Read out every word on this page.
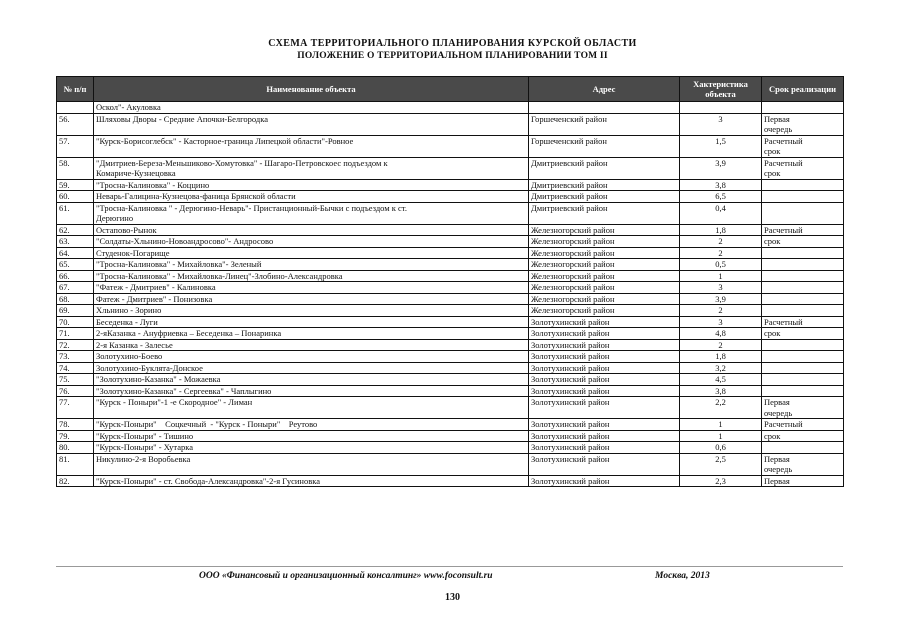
СХЕМА ТЕРРИТОРИАЛЬНОГО ПЛАНИРОВАНИЯ КУРСКОЙ ОБЛАСТИ
ПОЛОЖЕНИЕ О ТЕРРИТОРИАЛЬНОМ ПЛАНИРОВАНИИ ТОМ II
№ п/п	Наименование объекта	Адрес	Хактеристика объекта	Срок реализации
	Оскол"- Акуловка			
56.	Шляховы Дворы - Средние Апочки-Белгородка	Горшеченский район	3	Первая
очередь
57.	"Курск-Борисоглебск" - Касторное-граница Липецкой области"-Ровное	Горшеченский район	1,5	Расчетный
срок
58.	"Дмитриев-Береза-Меньшиково-Хомутовка" - Шагаро-Петровскоес подъездом к
Комариче-Кузнецовка	Дмитриевский район	3,9	Расчетный
срок
59.	"Тросна-Калиновка" - Коццино	Дмитриевский район	3,8	
60.	Неварь-Галицина-Кузнецова-фаница Брянской области	Дмитриевский район	6,5	
61.	"Тросна-Калиновка " - Дерюгино-Неварь"- Пристанционный-Бычки с подъездом к ст.
Дерюгино	Дмитриевский район	0,4	
62.	Остапово-Рынок	Железногорский район	1,8	Расчетный
63.	"Солдаты-Хльнино-Новоандросово"- Андросово	Железногорский район	2	срок
64.	Студенок-Погарище	Железногорский район	2	
65.	"Тросна-Калиновка" - Михайловка"- Зеленый	Железногорский район	0,5	
66.	"Тросна-Калиновка" - Михайловка-Линец"-Злобино-Александровка	Железногорский район	1	
67.	"Фатеж - Дмитриев" - Калиновка	Железногорский район	3	
68.	Фатеж - Дмитриев" - Понизовка	Железногорский район	3,9	
69.	Хльнино - Зорино	Железногорский район	2	
70.	Беседенка - Луги	Золотухинский район	3	Расчетный
71.	2-яКазанка - Ануфриевка – Беседенка – Понаринка	Золотухинский район	4,8	срок
72.	2-я Казанка - Залесье	Золотухинский район	2	
73.	Золотухино-Боево	Золотухинский район	1,8	
74.	Золотухино-Буклята-Донское	Золотухинский район	3,2	
75.	"Золотухино-Казанка" - Можаевка	Золотухинский район	4,5	
76.	"Золотухино-Казанка" - Сергеевка" - Чаплыгино	Золотухинский район	3,8	
77.	"Курск - Поныри"-1 -е Скородное" - Лиман	Золотухинский район	2,2	Первая
очередь
78.	"Курск-Поныри"    Соцкечный  - "Курск - Поныри"    Реутово	Золотухинский район	1	Расчетный
79.	"Курск-Поныри" - Тишино	Золотухинский район	1	срок
80.	"Курск-Поныри" - Хутарка	Золотухинский район	0,6	
81.	Никулино-2-я Воробьевка	Золотухинский район	2,5	Первая
очередь
82.	"Курск-Поныри" - ст. Свобода-Александровка"-2-я Гусиновка	Золотухинский район	2,3	Первая
ООО «Финансовый и организационный консалтинг» www.foconsult.ru	Москва, 2013
130
